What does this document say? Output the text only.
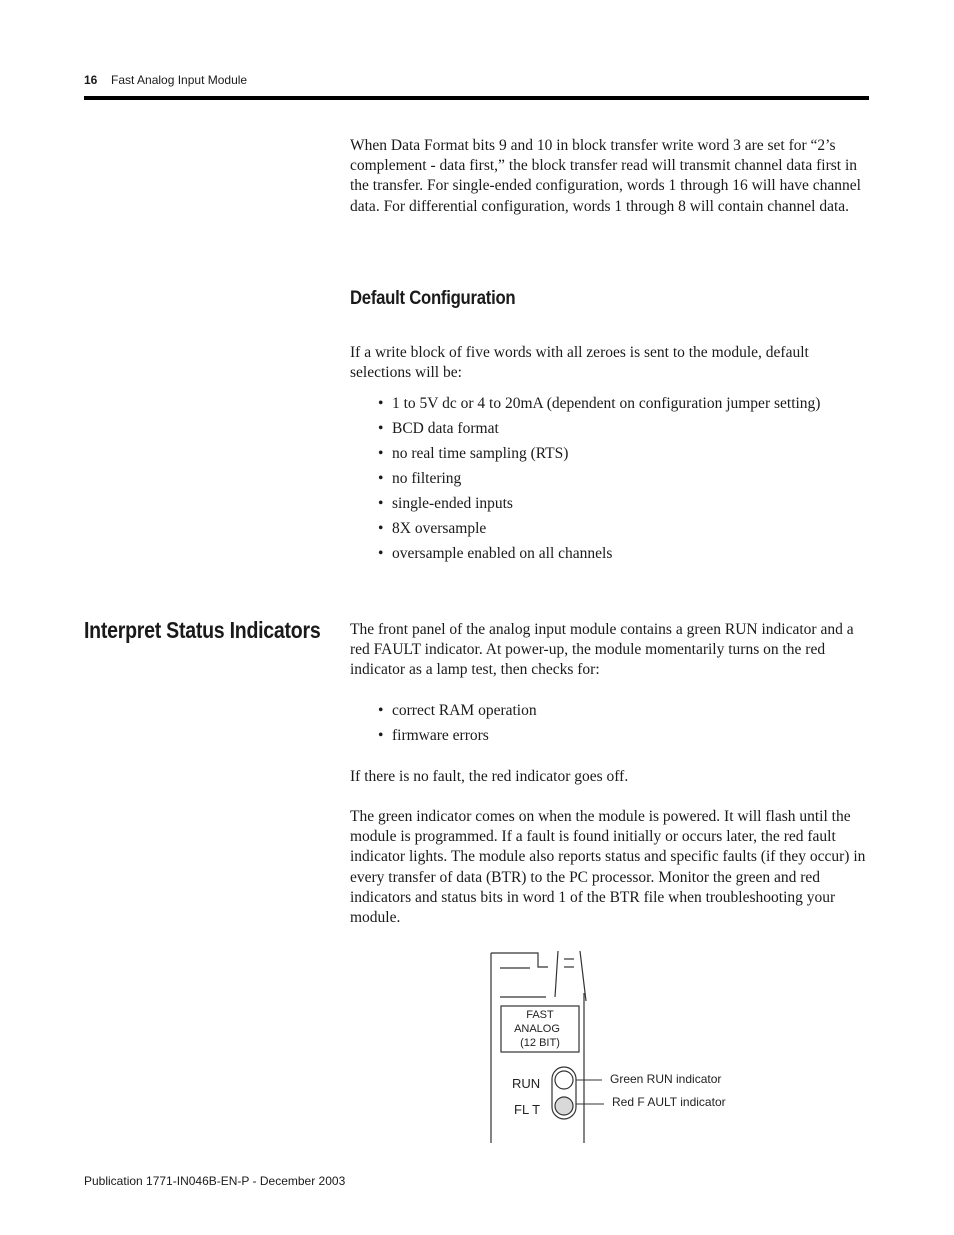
16 Fast Analog Input Module

When Data Format bits 9 and 10 in block transfer write word 3 are set for “2’s complement - data first,” the block transfer read will transmit channel data first in the transfer. For single-ended configuration, words 1 through 16 will have channel data. For differential configuration, words 1 through 8 will contain channel data.

Default Configuration

If a write block of five words with all zeroes is sent to the module, default selections will be:

• 1 to 5V dc or 4 to 20mA (dependent on configuration jumper setting)
• BCD data format
• no real time sampling (RTS)
• no filtering
• single-ended inputs
• 8X oversample
• oversample enabled on all channels
Interpret Status Indicators The front panel of the analog input module contains a green RUN indicator and a red FAULT indicator. At power-up, the module momentarily turns on the red indicator as a lamp test, then checks for:

• correct RAM operation
• firmware errors

If there is no fault, the red indicator goes off.

The green indicator comes on when the module is powered. It will flash until the module is programmed. If a fault is found initially or occurs later, the red fault indicator lights. The module also reports status and specific faults (if they occur) in every transfer of data (BTR) to the PC processor. Monitor the green and red indicators and status bits in word 1 of the BTR file when troubleshooting your module.

FAST
ANALOG
(12 BIT)
RUN
FL T
Green RUN indicator
Red F AULT indicator
Publication 1771-IN046B-EN-P - December 2003
